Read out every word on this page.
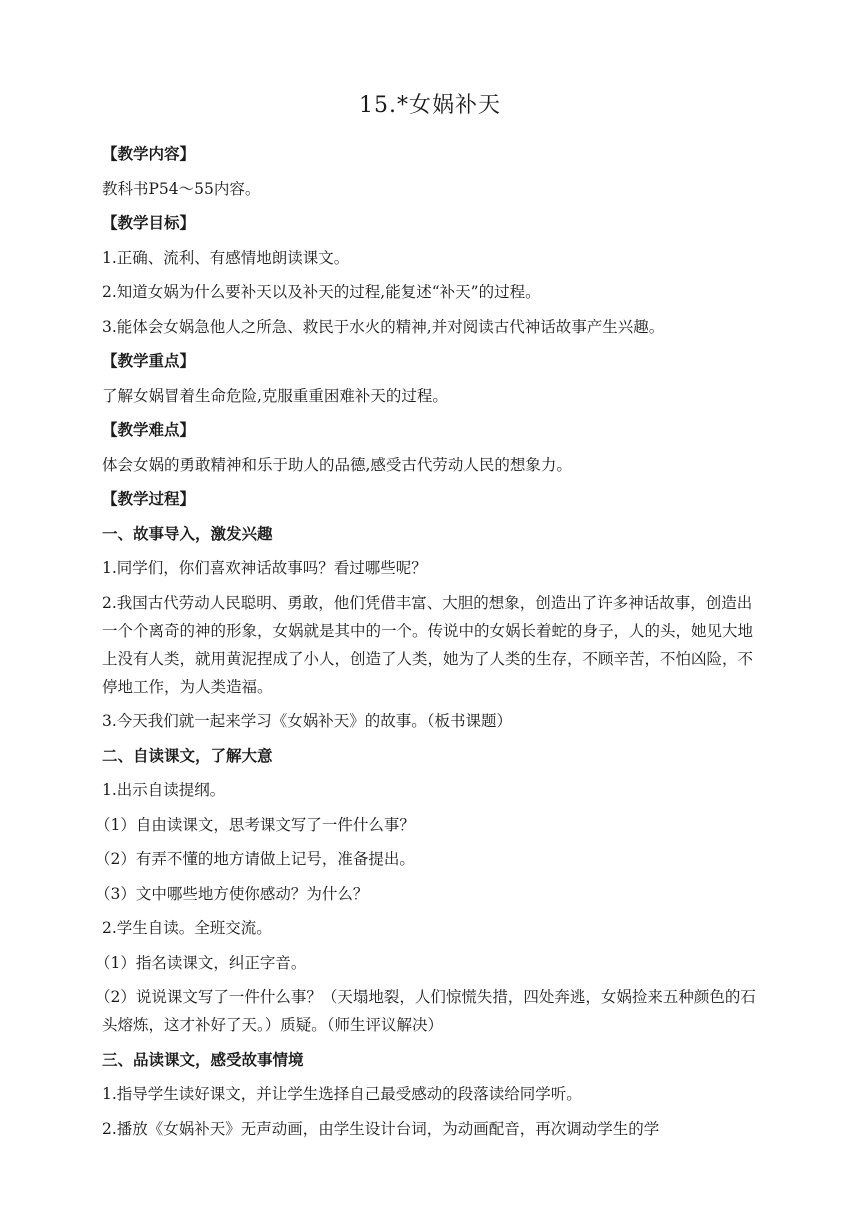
15.*女娲补天

【教学内容】

教科书P54～55内容。

【教学目标】

1.正确、流利、有感情地朗读课文。

2.知道女娲为什么要补天以及补天的过程,能复述“补天”的过程。

3.能体会女娲急他人之所急、救民于水火的精神,并对阅读古代神话故事产生兴趣。

【教学重点】

了解女娲冒着生命危险,克服重重困难补天的过程。

【教学难点】

体会女娲的勇敢精神和乐于助人的品德,感受古代劳动人民的想象力。

【教学过程】

一、故事导入，激发兴趣

1.同学们，你们喜欢神话故事吗？看过哪些呢？

2.我国古代劳动人民聪明、勇敢，他们凭借丰富、大胆的想象，创造出了许多神话故事，创造出一个个离奇的神的形象，女娲就是其中的一个。传说中的女娲长着蛇的身子，人的头，她见大地上没有人类，就用黄泥捏成了小人，创造了人类，她为了人类的生存，不顾辛苦，不怕凶险，不停地工作，为人类造福。

3.今天我们就一起来学习《女娲补天》的故事。（板书课题）

二、自读课文，了解大意

1.出示自读提纲。

（1）自由读课文，思考课文写了一件什么事？

（2）有弄不懂的地方请做上记号，准备提出。

（3）文中哪些地方使你感动？为什么？

2.学生自读。全班交流。

（1）指名读课文，纠正字音。

（2）说说课文写了一件什么事？（天塌地裂，人们惊慌失措，四处奔逃，女娲捡来五种颜色的石头熔炼，这才补好了天。）质疑。（师生评议解决）

三、品读课文，感受故事情境

1.指导学生读好课文，并让学生选择自己最受感动的段落读给同学听。

2.播放《女娲补天》无声动画，由学生设计台词，为动画配音，再次调动学生的学
